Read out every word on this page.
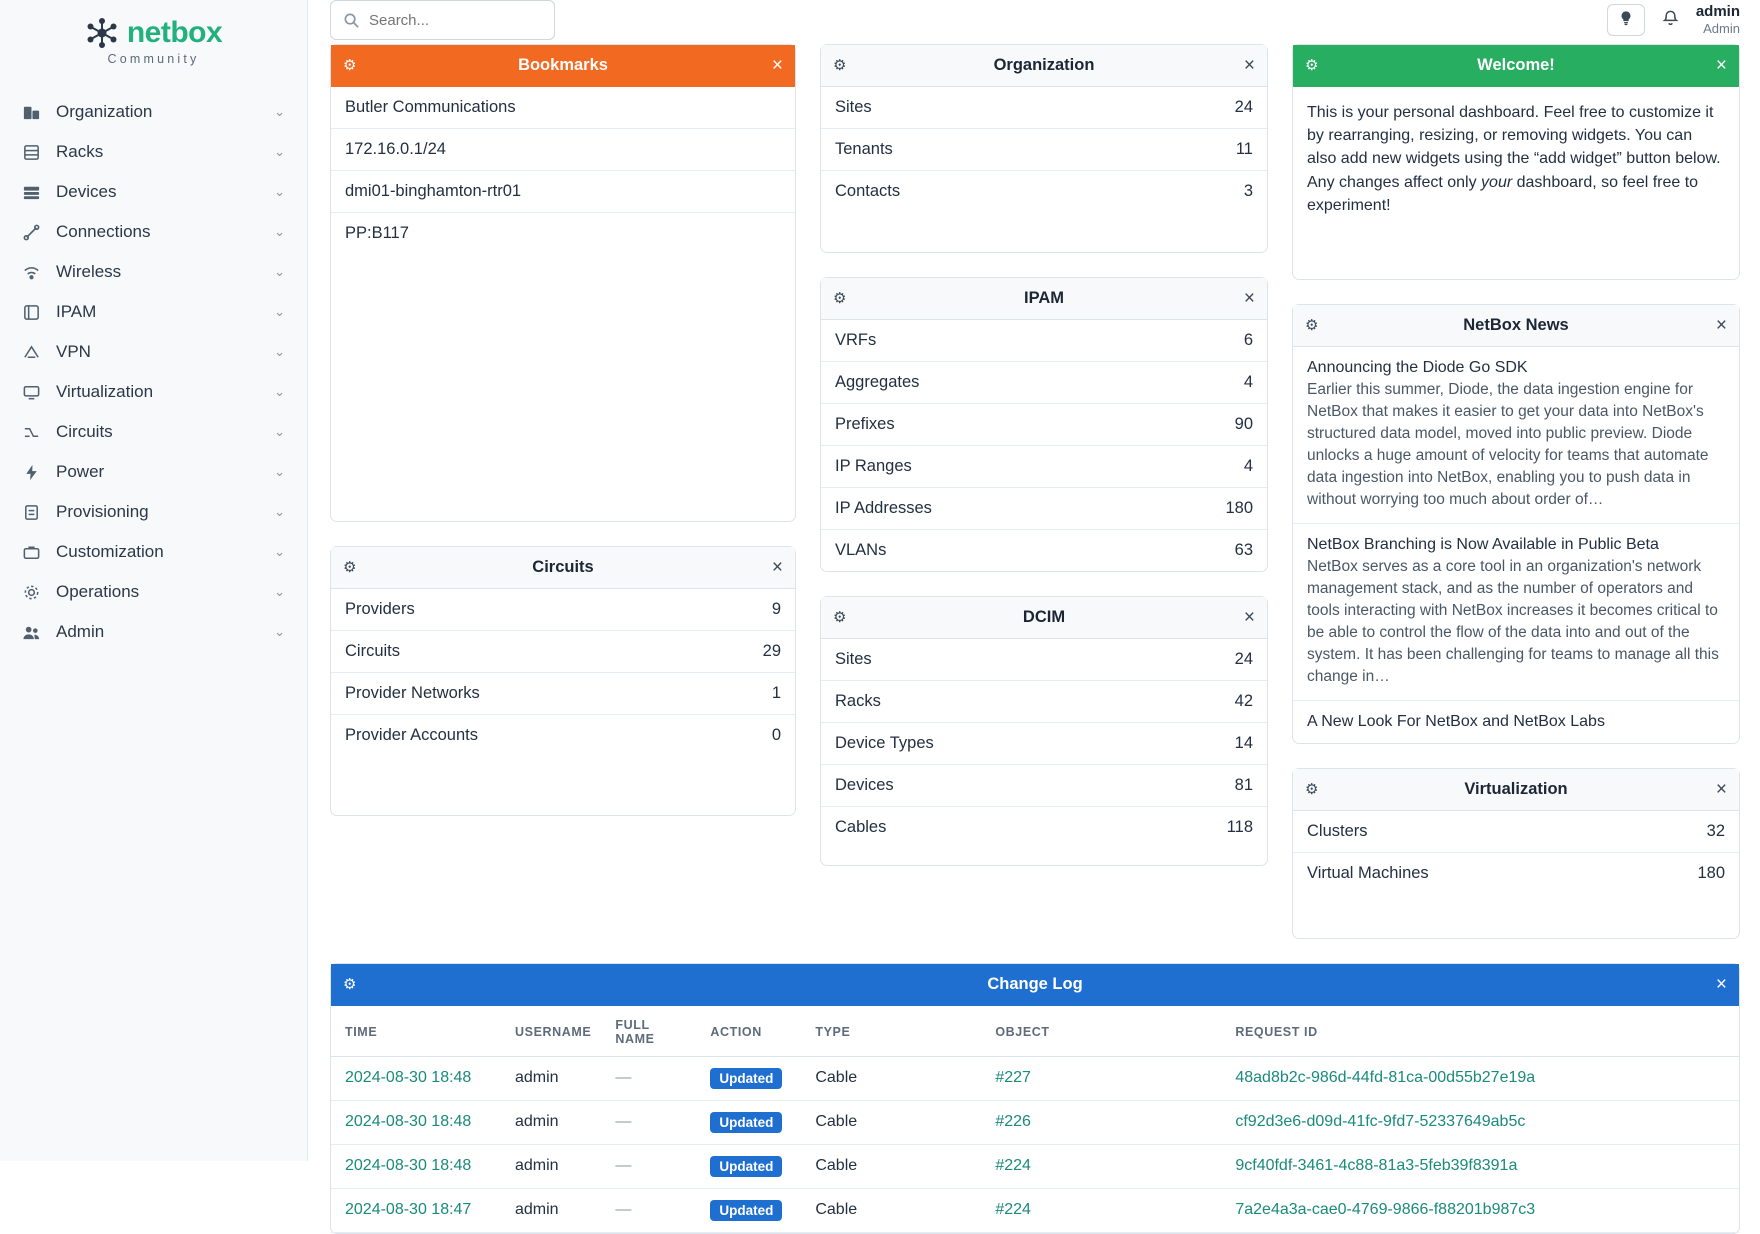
netbox
Community
Organization	⌄
Racks	⌄
Devices	⌄
Connections	⌄
Wireless	⌄
IPAM	⌄
VPN	⌄
Virtualization	⌄
Circuits	⌄
Power	⌄
Provisioning	⌄
Customization	⌄
Operations	⌄
Admin	⌄
Search...
admin
Admin
⚙	Bookmarks	×
Butler Communications
172.16.0.1/24
dmi01-binghamton-rtr01
PP:B117
⚙	Circuits	×
Providers	9
Circuits	29
Provider Networks	1
Provider Accounts	0
⚙	Organization	×
Sites	24
Tenants	11
Contacts	3
⚙	IPAM	×
VRFs	6
Aggregates	4
Prefixes	90
IP Ranges	4
IP Addresses	180
VLANs	63
⚙	DCIM	×
Sites	24
Racks	42
Device Types	14
Devices	81
Cables	118
⚙	Welcome!	×
This is your personal dashboard. Feel free to customize it by rearranging, resizing, or removing widgets. You can also add new widgets using the “add widget” button below. Any changes affect only your dashboard, so feel free to experiment!
⚙	NetBox News	×
Announcing the Diode Go SDK
Earlier this summer, Diode, the data ingestion engine for NetBox that makes it easier to get your data into NetBox's structured data model, moved into public preview. Diode unlocks a huge amount of velocity for teams that automate data ingestion into NetBox, enabling you to push data in without worrying too much about order of…
NetBox Branching is Now Available in Public Beta
NetBox serves as a core tool in an organization's network management stack, and as the number of operators and tools interacting with NetBox increases it becomes critical to be able to control the flow of the data into and out of the system. It has been challenging for teams to manage all this change in…
A New Look For NetBox and NetBox Labs
⚙	Virtualization	×
Clusters	32
Virtual Machines	180
⚙	Change Log	×
TIME	USERNAME	FULL NAME	ACTION	TYPE	OBJECT	REQUEST ID
2024-08-30 18:48	admin	—	Updated	Cable	#227	48ad8b2c-986d-44fd-81ca-00d55b27e19a
2024-08-30 18:48	admin	—	Updated	Cable	#226	cf92d3e6-d09d-41fc-9fd7-52337649ab5c
2024-08-30 18:48	admin	—	Updated	Cable	#224	9cf40fdf-3461-4c88-81a3-5feb39f8391a
2024-08-30 18:47	admin	—	Updated	Cable	#224	7a2e4a3a-cae0-4769-9866-f88201b987c3
